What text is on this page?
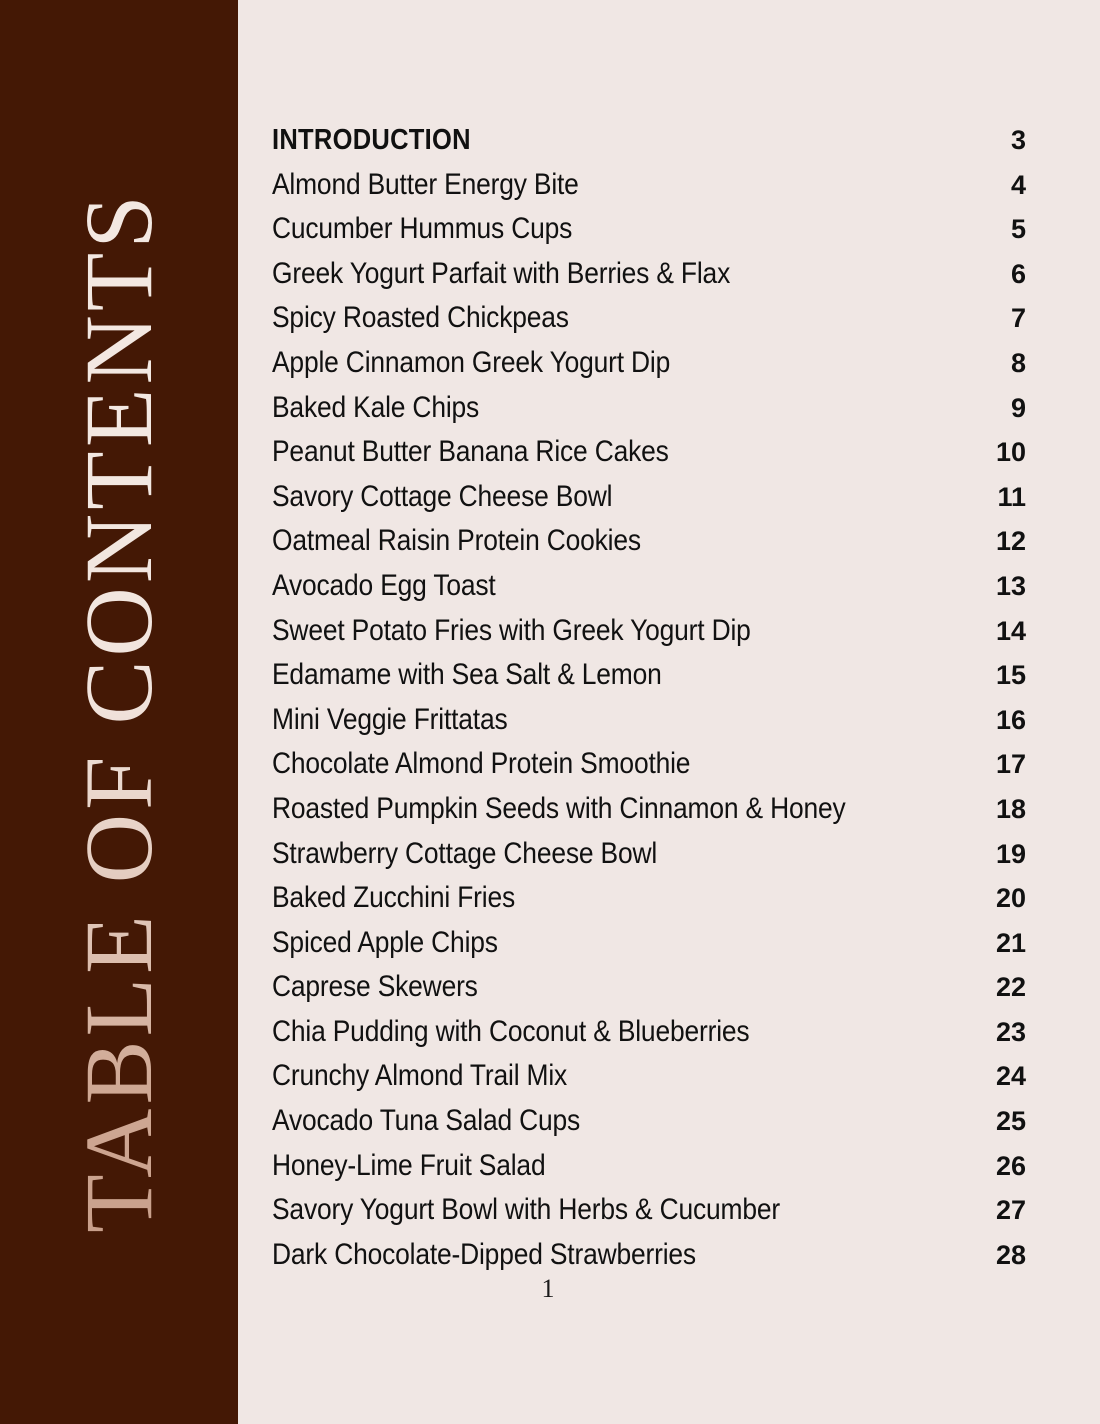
TABLE OF CONTENTS
INTRODUCTION	3
Almond Butter Energy Bite	4
Cucumber Hummus Cups	5
Greek Yogurt Parfait with Berries & Flax	6
Spicy Roasted Chickpeas	7
Apple Cinnamon Greek Yogurt Dip	8
Baked Kale Chips	9
Peanut Butter Banana Rice Cakes	10
Savory Cottage Cheese Bowl	11
Oatmeal Raisin Protein Cookies	12
Avocado Egg Toast	13
Sweet Potato Fries with Greek Yogurt Dip	14
Edamame with Sea Salt & Lemon	15
Mini Veggie Frittatas	16
Chocolate Almond Protein Smoothie	17
Roasted Pumpkin Seeds with Cinnamon & Honey	18
Strawberry Cottage Cheese Bowl	19
Baked Zucchini Fries	20
Spiced Apple Chips	21
Caprese Skewers	22
Chia Pudding with Coconut & Blueberries	23
Crunchy Almond Trail Mix	24
Avocado Tuna Salad Cups	25
Honey-Lime Fruit Salad	26
Savory Yogurt Bowl with Herbs & Cucumber	27
Dark Chocolate-Dipped Strawberries	28
1
